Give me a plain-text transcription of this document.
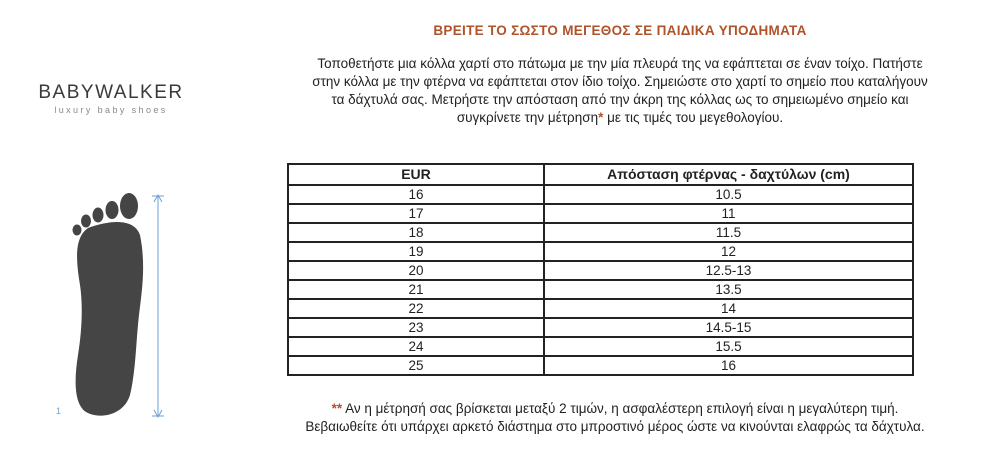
BABYWALKER
luxury baby shoes
1
ΒΡΕΙΤΕ ΤΟ ΣΩΣΤΟ ΜΕΓΕΘΟΣ ΣΕ ΠΑΙΔΙΚΑ ΥΠΟΔΗΜΑΤΑ
Τοποθετήστε μια κόλλα χαρτί στο πάτωμα με την μία πλευρά της να εφάπτεται σε έναν τοίχο. Πατήστε
στην κόλλα με την φτέρνα να εφάπτεται στον ίδιο τοίχο. Σημειώστε στο χαρτί το σημείο που καταλήγουν
τα δάχτυλά σας. Μετρήστε την απόσταση από την άκρη της κόλλας ως το σημειωμένο σημείο και
συγκρίνετε την μέτρηση* με τις τιμές του μεγεθολογίου.
EUR	Απόσταση φτέρνας - δαχτύλων (cm)
16	10.5
17	11
18	11.5
19	12
20	12.5-13
21	13.5
22	14
23	14.5-15
24	15.5
25	16
** Αν η μέτρησή σας βρίσκεται μεταξύ 2 τιμών, η ασφαλέστερη επιλογή είναι η μεγαλύτερη τιμή.
Βεβαιωθείτε ότι υπάρχει αρκετό διάστημα στο μπροστινό μέρος ώστε να κινούνται ελαφρώς τα δάχτυλα.
